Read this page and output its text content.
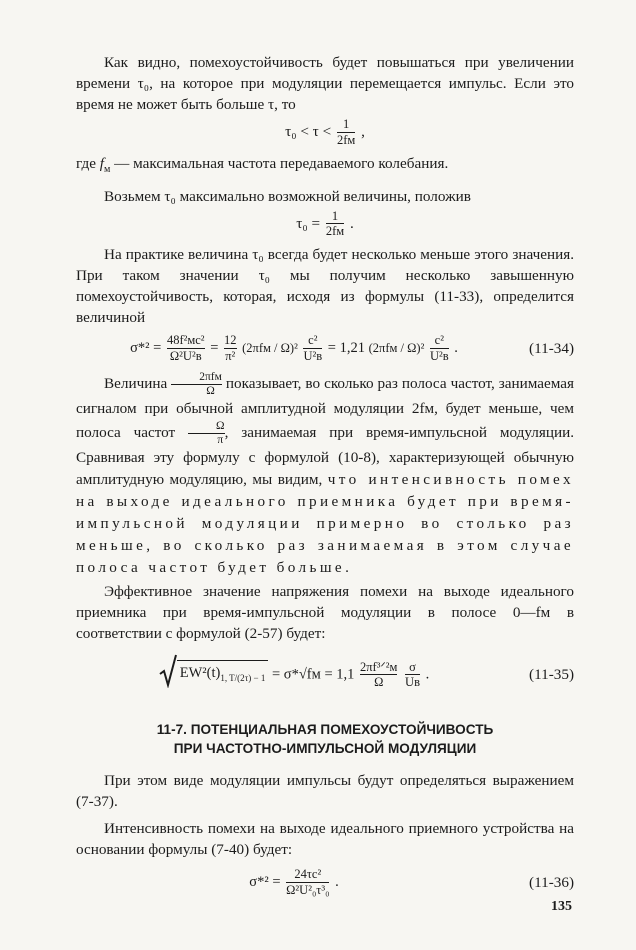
Как видно, помехоустойчивость будет повышаться при увеличении времени τ₀, на которое при модуляции перемещается импульс. Если это время не может быть больше τ, то

$\tau_0 < \tau < \frac{1}{2fм}$ ,

где $f_м$ — максимальная частота передаваемого колебания.

Возьмем τ₀ максимально возможной величины, положив

$\tau_0 = \frac{1}{2fм}$ .

На практике величина τ₀ всегда будет несколько меньше этого значения. При таком значении τ₀ мы получим несколько завышенную помехоустойчивость, которая, исходя из формулы (11-33), определится величиной

$\sigma*^2 = \frac{\text{48f²мc²}}{\text{Ω²U²в}} = \frac{12}{\text{π²}} (2\pi fм / \Omega)^2 \frac{\text{c²}}{\text{U²в}} = 1,21$ $(2\pi fм / \Omega)^2 \frac{\text{c²}}{\text{U²в}}$ .	(11-34)

Величина	2πfм
Ω показывает, во сколько раз полоса частот, занимаемая сигналом при обычной амплитудной модуляции 2fм, будет меньше, чем полоса частот $\frac{\Omega}{\pi}$ , занимаемая при время-импульсной модуляции. Сравнивая эту формулу с формулой (10-8), характеризующей обычную амплитудную модуляцию, мы видим, что интенсивность помех на выходе идеального приемника будет при время-импульсной модуляции примерно во столько раз меньше, во сколько раз занимаемая в этом случае полоса частот будет больше.

Эффективное значение напряжения помехи на выходе идеального приемника при время-импульсной модуляции в полосе 0—fм в соответствии с формулой (2-57) будет:

$EW^2(t)_{1, T/(2\tau) - 1} = \sigma*√fм = 1,1 \frac{\text{2πf³ᐟ²м}}{\Omega}$
$\frac{\sigma}{Uв}$ .	(11-35)
11-7. ПОТЕНЦИАЛЬНАЯ ПОМЕХОУСТОЙЧИВОСТЬ
ПРИ ЧАСТОТНО-ИМПУЛЬСНОЙ МОДУЛЯЦИИ

При этом виде модуляции импульсы будут определяться выражением (7-37).

Интенсивность помехи на выходе идеального приемного устройства на основании формулы (7-40) будет:

$\sigma*^2 = \frac{\text{24τc²}}{\text{Ω²U²₀τ³₀}}$ .	(11-36)
135
